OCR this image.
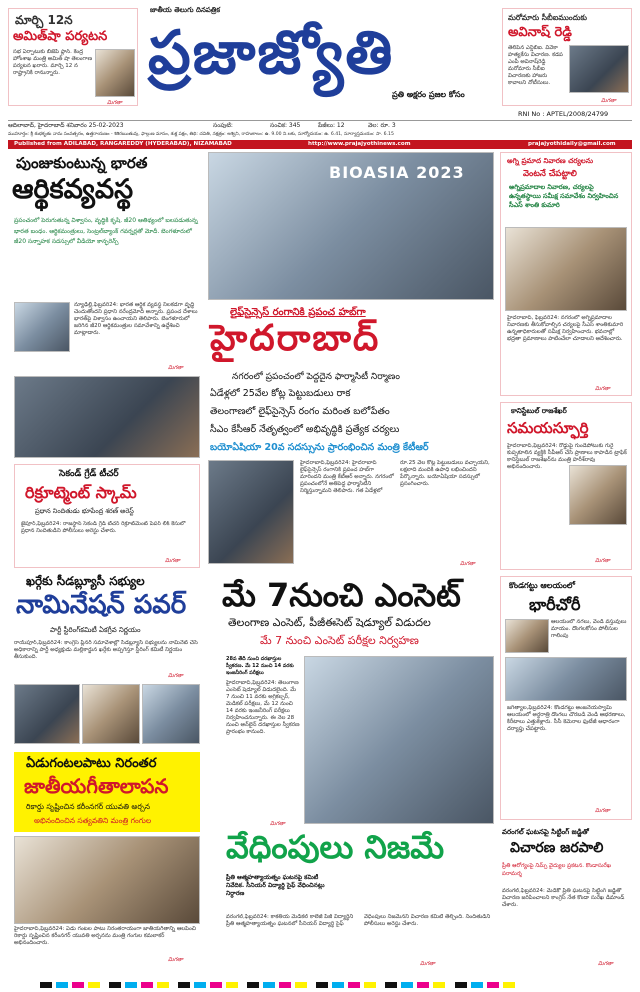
మార్చి 12న
అమిత్‌షా పర్యటన
సభ ఏర్పాటుకు బీజేపీ ప్లాన్. కేంద్ర హోంశాఖ మంత్రి అమిత్ షా తెలంగాణ పర్యటన ఖరారు. మార్చి 12 న రాష్ట్రానికి రానున్నారు.
మిగతా
జాతీయ తెలుగు దినపత్రిక
ప్రజాజ్యోతి
ప్రతి అక్షరం ప్రజల కోసం
మరోమారు సీబీఐముందుకు
అవినాష్ రెడ్డి
తెలిపిన ఎన్డీబీఐ. వివేకా హత్యకేసు విచారణ. కడప ఎంపీ అవినాష్‌రెడ్డి మరోమారు సీబీఐ విచారణకు హాజరు కావాలని నోటీసులు.
మిగతా
RNI No : APTEL/2008/24799
ఆదిలాబాద్, హైదరాబాద్ శనివారం 25-02-2023	సంపుటి:	సంచిక: 345	పేజీలు: 12	వెల: రూ. 3
ముహూర్తం: శ్రీ శుభకృతు నామ సంవత్సరం, ఉత్తరాయణం - శిశిరఋతువు, ఫాల్గుణ మాసం, శుక్ల పక్షం, తిథి: చవితి, నక్షత్రం: అశ్విని, రాహుకాలం: ఉ. 9.00 ని.లకు, సూర్యోదయం: ఉ. 6.41, సూర్యాస్తమయం: సా. 6.15
Published from ADILABAD, RANGAREDDY (HYDERABAD), NIZAMABAD	http://www.prajajyothinews.com	prajajyothidaily@gmail.com
పుంజుకుంటున్న భారత
ఆర్థికవ్యవస్థ
ప్రపంచంలో పెరుగుతున్న విశ్వాసం, వృద్ధికి కృషి. జీ20 ఆతిథ్యంలో బలపడుతున్న భారత బంధం. ఆర్థికమంత్రులు, సెంట్రల్‌బ్యాంక్ గవర్నర్లతో మోదీ. బెంగళూరులో జీ20 సన్నాహక సదస్సులో వీడియో కాన్ఫరెన్స్
న్యూఢిల్లీ,ఫిబ్రవరి24: భారత ఆర్థిక వ్యవస్థ నిలకడగా వృద్ధి చెందుతోందని ప్రధాని నరేంద్రమోదీ అన్నారు. ప్రపంచ దేశాలు భారత్‌పై విశ్వాసం ఉంచాయని తెలిపారు. బెంగళూరులో జరిగిన జీ20 ఆర్థికమంత్రుల సమావేశాన్ని ఉద్దేశించి మాట్లాడారు.
మిగతా
BIOASIA 2023
లైఫ్‌సైన్సెస్ రంగానికి ప్రపంచ హబ్‌గా
హైదరాబాద్
నగరంలో ప్రపంచంలో పెద్దదైన ఫార్మాసిటీ నిర్మాణం
ఏడేళ్లలో 25వేల కోట్ల పెట్టుబడులు రాక
తెలంగాణలో లైఫ్‌సైన్సెస్ రంగం మరింత బలోపేతం
సీఎం కేసీఆర్ నేతృత్వంలో అభివృద్ధికి ప్రత్యేక చర్యలు
బయోఏషియా 20వ సదస్సును ప్రారంభించిన మంత్రి కేటీఆర్
హైదరాబాద్,ఫిబ్రవరి24: హైదరాబాద్ లైఫ్‌సైన్సెస్ రంగానికి ప్రపంచ హబ్‌గా మారిందని మంత్రి కేటీఆర్ అన్నారు. నగరంలో ప్రపంచంలోనే అతిపెద్ద ఫార్మాసిటీని నిర్మిస్తున్నామని తెలిపారు. గత ఏడేళ్లలో రూ.25 వేల కోట్ల పెట్టుబడులు వచ్చాయని, లక్షలాది మందికి ఉపాధి లభించిందని పేర్కొన్నారు. బయోఏషియా సదస్సులో ప్రసంగించారు.
మిగతా
అగ్ని ప్రమాద నివారణ చర్యలను
వెంటనే చేపట్టాలి
అగ్నిప్రమాదాల నివారణ, చర్యలపై ఉన్నతస్థాయి సమీక్ష సమావేశం నిర్వహించిన సీఎస్ శాంతి కుమారి
హైదరాబాద్, ఫిబ్రవరి24: నగరంలో అగ్నిప్రమాదాల నివారణకు తీసుకోవాల్సిన చర్యలపై సీఎస్ శాంతికుమారి ఉన్నతాధికారులతో సమీక్ష నిర్వహించారు. భవనాల్లో భద్రతా ప్రమాణాలు పాటించేలా చూడాలని ఆదేశించారు.
మిగతా
కానిస్టేబుల్ రాజశేఖర్
సమయస్ఫూర్తి
హైదరాబాద్,ఫిబ్రవరి24: రోడ్డుపై గుండెపోటుకు గురై కుప్పకూలిన వ్యక్తికి సీపీఆర్ చేసి ప్రాణాలు కాపాడిన ట్రాఫిక్ కానిస్టేబుల్ రాజశేఖర్‌ను మంత్రి హరీశ్‌రావు అభినందించారు.
మిగతా
సెకండ్ గ్రేడ్ టీచర్
రిక్రూట్మెంట్ స్కామ్
ప్రధాన నిందితుడు భూపేంద్ర శరణ్ అరెస్ట్
జైపూర్,ఫిబ్రవరి24: రాజస్థాన్ సెకండ్ గ్రేడ్ టీచర్ రిక్రూట్‌మెంట్ పేపర్ లీక్ కేసులో ప్రధాన నిందితుడిని పోలీసులు అరెస్టు చేశారు.
మిగతా
ఖర్గేకు సీడబ్ల్యూసీ సభ్యుల
నామినేషన్ పవర్
పార్టీ స్టీరింగ్‌కమిటీ ఏకగ్రీవ నిర్ణయం
రాయ్‌పూర్,ఫిబ్రవరి24: కాంగ్రెస్ ప్లీనరీ సమావేశాల్లో సీడబ్ల్యూసీ సభ్యులను నామినేట్ చేసే అధికారాన్ని పార్టీ అధ్యక్షుడు మల్లికార్జున ఖర్గేకు అప్పగిస్తూ స్టీరింగ్ కమిటీ నిర్ణయం తీసుకుంది.
మిగతా
మే 7నుంచి ఎంసెట్
తెలంగాణ ఎంసెట్, పీజీఈసెట్ షెడ్యూల్ విడుదల
మే 7 నుంచి ఎంసెట్ పరీక్షల నిర్వహణ
28వ తేదీ నుంచి దరఖాస్తుల స్వీకరణ. మే 12 నుంచి 14 వరకు ఇంజనీరింగ్ పరీక్షలు
హైదరాబాద్,ఫిబ్రవరి24: తెలంగాణ ఎంసెట్ షెడ్యూల్ విడుదలైంది. మే 7 నుంచి 11 వరకు అగ్రికల్చర్, మెడికల్ పరీక్షలు, మే 12 నుంచి 14 వరకు ఇంజనీరింగ్ పరీక్షలు నిర్వహించనున్నారు. ఈ నెల 28 నుంచి ఆన్‌లైన్ దరఖాస్తుల స్వీకరణ ప్రారంభం కానుంది.
మిగతా
కొండగట్టు ఆలయంలో
భారీచోరీ
ఆలయంలో నగలు, వెండి వస్తువులు మాయం. దొంగలకోసం పోలీసుల గాలింపు
జగిత్యాల,ఫిబ్రవరి24: కొండగట్టు ఆంజనేయస్వామి ఆలయంలో అర్ధరాత్రి దొంగలు చొరబడి వెండి ఆభరణాలు, కిరీటాలు ఎత్తుకెళ్లారు. సీసీ కెమెరాల ఫుటేజీ ఆధారంగా దర్యాప్తు చేపట్టారు.
మిగతా
ఏడుగంటలపాటు నిరంతర
జాతీయగీతాలాపన
రికార్డు సృష్టించిన కరీంనగర్ యువతి అర్చన
అభినందించిన సత్యవతిని మంత్రి గంగుల
హైదరాబాద్,ఫిబ్రవరి24: ఏడు గంటల పాటు నిరంతరాయంగా జాతీయగీతాన్ని ఆలపించి రికార్డు సృష్టించిన కరీంనగర్ యువతి అర్చనను మంత్రి గంగుల కమలాకర్ అభినందించారు.
మిగతా
వేధింపులు నిజమే
ప్రీతి ఆత్మహత్యాయత్నం ఘటనపై కమిటీ నివేదిక. సీనియర్ విద్యార్థి సైఫ్ వేధించినట్లు నిర్ధారణ
వరంగల్,ఫిబ్రవరి24: కాకతీయ మెడికల్ కాలేజీ పీజీ విద్యార్థిని ప్రీతి ఆత్మహత్యాయత్నం ఘటనలో సీనియర్ విద్యార్థి సైఫ్ వేధింపులు నిజమేనని విచారణ కమిటీ తేల్చింది. నిందితుడిని పోలీసులు అరెస్టు చేశారు.
మిగతా
వరంగల్ ఘటనపై సిట్టింగ్ జడ్జితో
విచారణ జరపాలి
ప్రీతి ఆరోగ్యంపై నిమ్స్ వైద్యుల ప్రకటన. కొండాసురేఖ పరామర్శ
వరంగల్,ఫిబ్రవరి24: మెడికో ప్రీతి ఘటనపై సిట్టింగ్ జడ్జితో విచారణ జరిపించాలని కాంగ్రెస్ నేత కొండా సురేఖ డిమాండ్ చేశారు.
మిగతా
